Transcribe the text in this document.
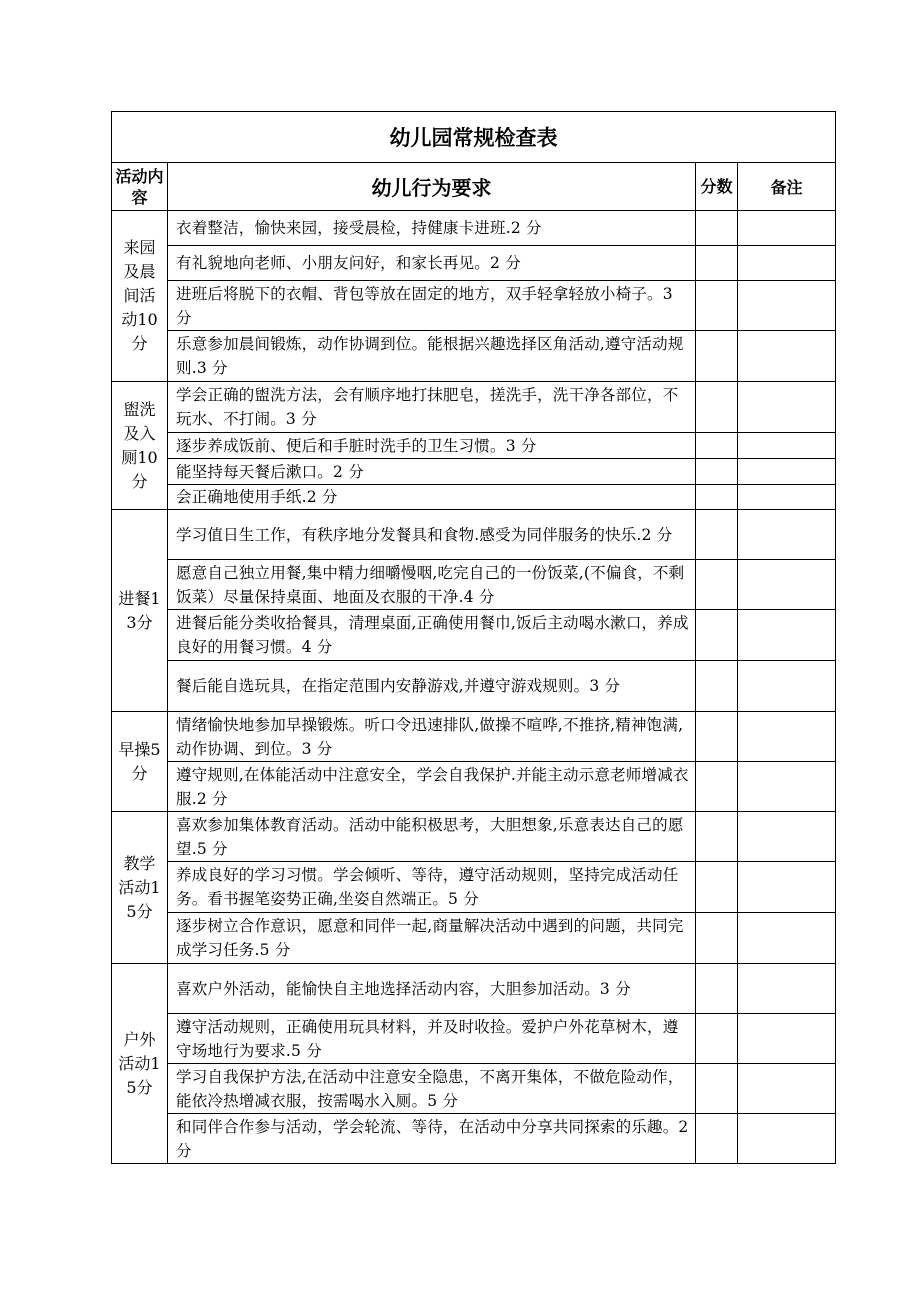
幼儿园常规检查表			
活动内容	幼儿行为要求	分数	备注
来园及晨间活动10分	衣着整洁，愉快来园，接受晨检，持健康卡进班.2 分		
	有礼貌地向老师、小朋友问好，和家长再见。2 分		
	进班后将脱下的衣帽、背包等放在固定的地方，双手轻拿轻放小椅子。3 分		
	乐意参加晨间锻炼，动作协调到位。能根据兴趣选择区角活动,遵守活动规则.3 分		
盥洗及入厕10分	学会正确的盥洗方法，会有顺序地打抹肥皂，搓洗手，洗干净各部位，不玩水、不打闹。3 分		
	逐步养成饭前、便后和手脏时洗手的卫生习惯。3 分		
	能坚持每天餐后漱口。2 分		
	会正确地使用手纸.2 分		
进餐13分	学习值日生工作，有秩序地分发餐具和食物.感受为同伴服务的快乐.2 分		
	愿意自己独立用餐,集中精力细嚼慢咽,吃完自己的一份饭菜,(不偏食，不剩饭菜）尽量保持桌面、地面及衣服的干净.4 分		
	进餐后能分类收拾餐具，清理桌面,正确使用餐巾,饭后主动喝水漱口，养成良好的用餐习惯。4 分		
	餐后能自选玩具，在指定范围内安静游戏,并遵守游戏规则。3 分		
早操5分	情绪愉快地参加早操锻炼。听口令迅速排队,做操不喧哗,不推挤,精神饱满,动作协调、到位。3 分		
	遵守规则,在体能活动中注意安全，学会自我保护.并能主动示意老师增减衣服.2 分		
教学活动15分	喜欢参加集体教育活动。活动中能积极思考，大胆想象,乐意表达自己的愿望.5 分		
	养成良好的学习习惯。学会倾听、等待，遵守活动规则，坚持完成活动任务。看书握笔姿势正确,坐姿自然端正。5 分		
	逐步树立合作意识，愿意和同伴一起,商量解决活动中遇到的问题，共同完成学习任务.5 分		
户外活动15分	喜欢户外活动，能愉快自主地选择活动内容，大胆参加活动。3 分		
	遵守活动规则，正确使用玩具材料，并及时收捡。爱护户外花草树木，遵守场地行为要求.5 分		
	学习自我保护方法,在活动中注意安全隐患，不离开集体，不做危险动作，能依冷热增减衣服，按需喝水入厕。5 分		
	和同伴合作参与活动，学会轮流、等待，在活动中分享共同探索的乐趣。2 分		
